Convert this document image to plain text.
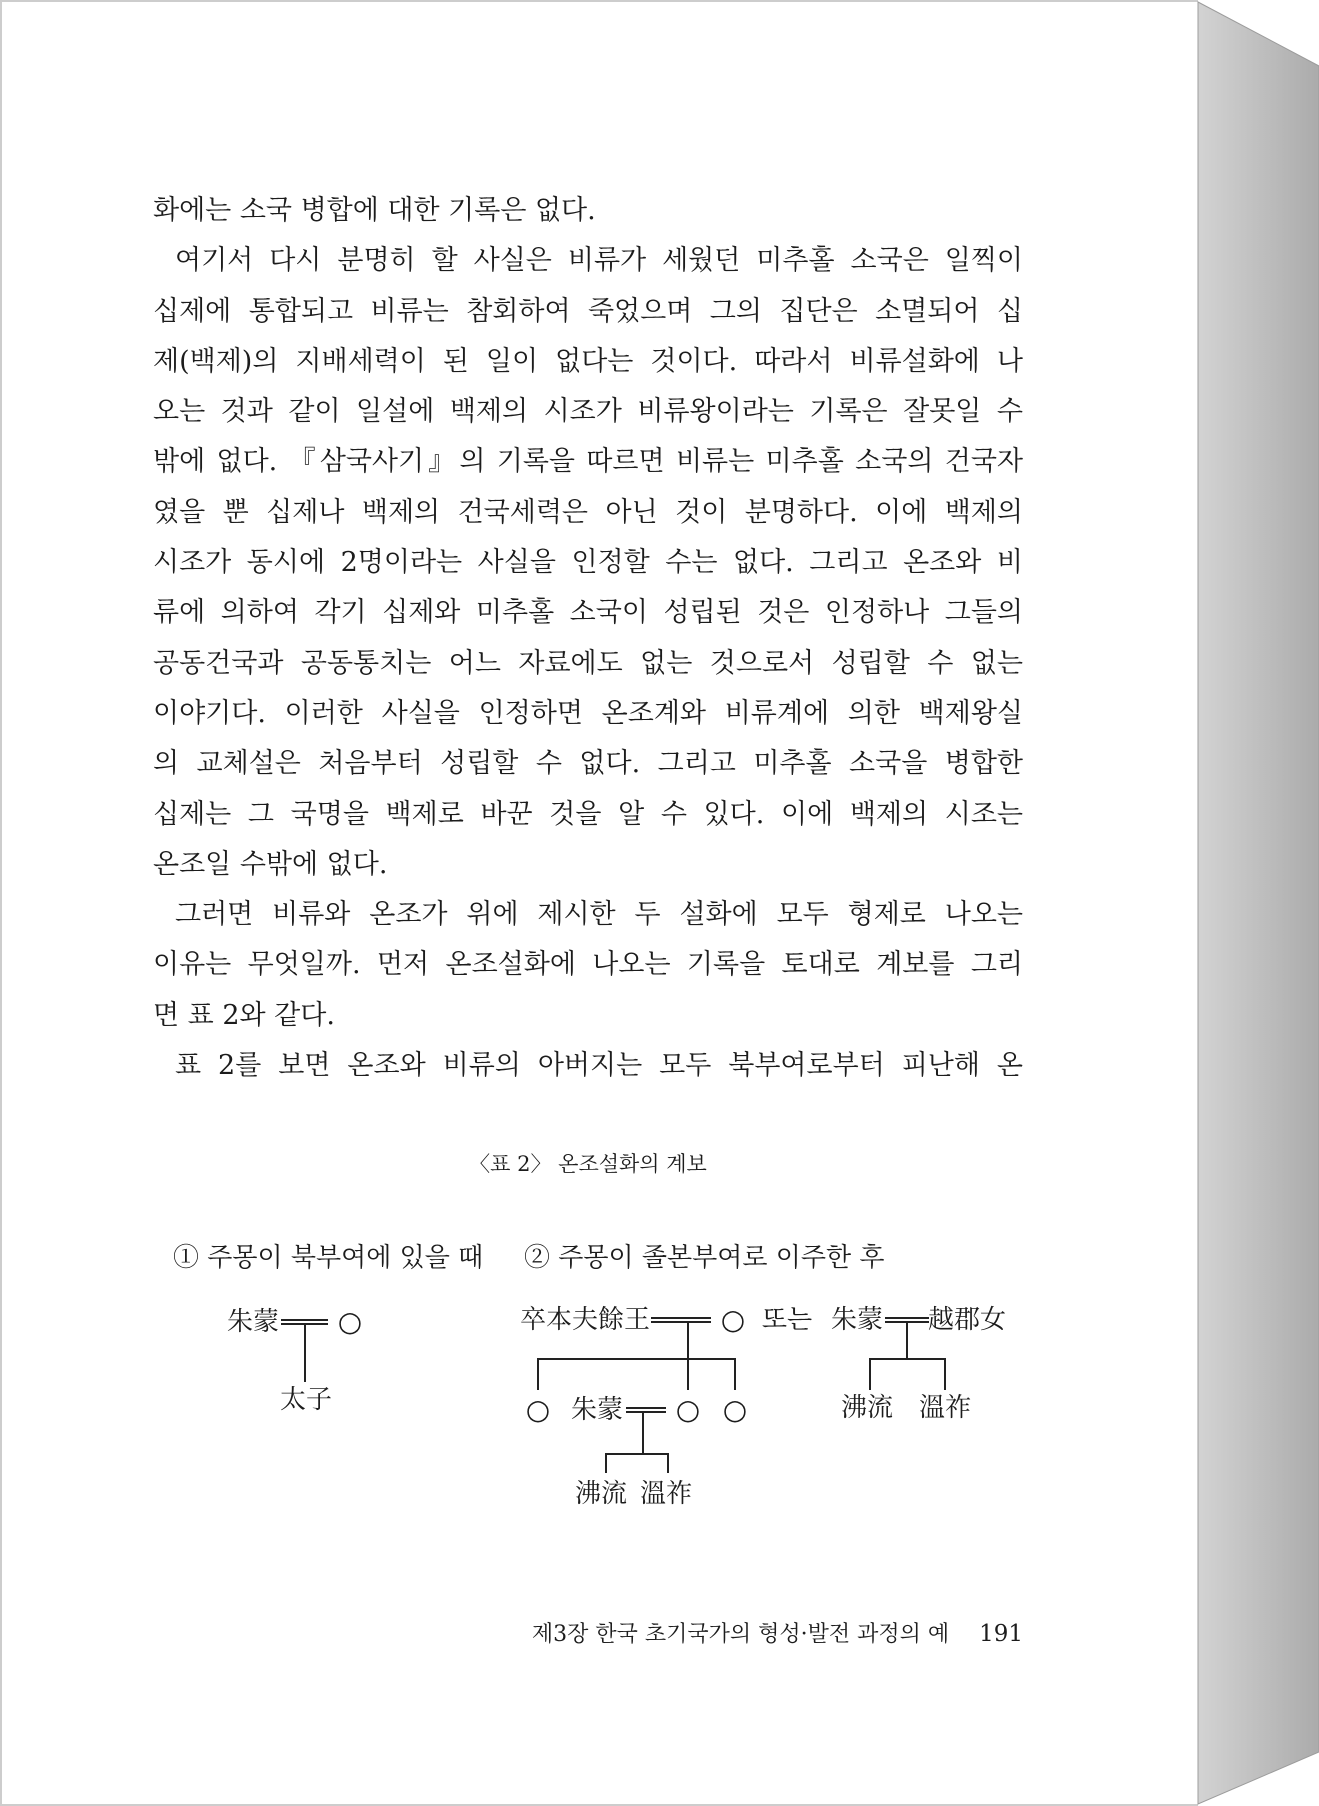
화에는 소국 병합에 대한 기록은 없다.
여기서 다시 분명히 할 사실은 비류가 세웠던 미추홀 소국은 일찍이
십제에 통합되고 비류는 참회하여 죽었으며 그의 집단은 소멸되어 십
제(백제)의 지배세력이 된 일이 없다는 것이다. 따라서 비류설화에 나
오는 것과 같이 일설에 백제의 시조가 비류왕이라는 기록은 잘못일 수
밖에 없다. 『삼국사기』의 기록을 따르면 비류는 미추홀 소국의 건국자
였을 뿐 십제나 백제의 건국세력은 아닌 것이 분명하다. 이에 백제의
시조가 동시에 2명이라는 사실을 인정할 수는 없다. 그리고 온조와 비
류에 의하여 각기 십제와 미추홀 소국이 성립된 것은 인정하나 그들의
공동건국과 공동통치는 어느 자료에도 없는 것으로서 성립할 수 없는
이야기다. 이러한 사실을 인정하면 온조계와 비류계에 의한 백제왕실
의 교체설은 처음부터 성립할 수 없다. 그리고 미추홀 소국을 병합한
십제는 그 국명을 백제로 바꾼 것을 알 수 있다. 이에 백제의 시조는
온조일 수밖에 없다.
그러면 비류와 온조가 위에 제시한 두 설화에 모두 형제로 나오는
이유는 무엇일까. 먼저 온조설화에 나오는 기록을 토대로 계보를 그리
면 표 2와 같다.
표 2를 보면 온조와 비류의 아버지는 모두 북부여로부터 피난해 온
〈표 2〉 온조설화의 계보
① 주몽이 북부여에 있을 때 ② 주몽이 졸본부여로 이주한 후
朱蒙 ○
太子
卒本夫餘王	○
○ 朱蒙 ○ ○
沸流 溫祚
또는 朱蒙 越郡女
沸流 溫祚
제3장 한국 초기국가의 형성·발전 과정의 예 191
